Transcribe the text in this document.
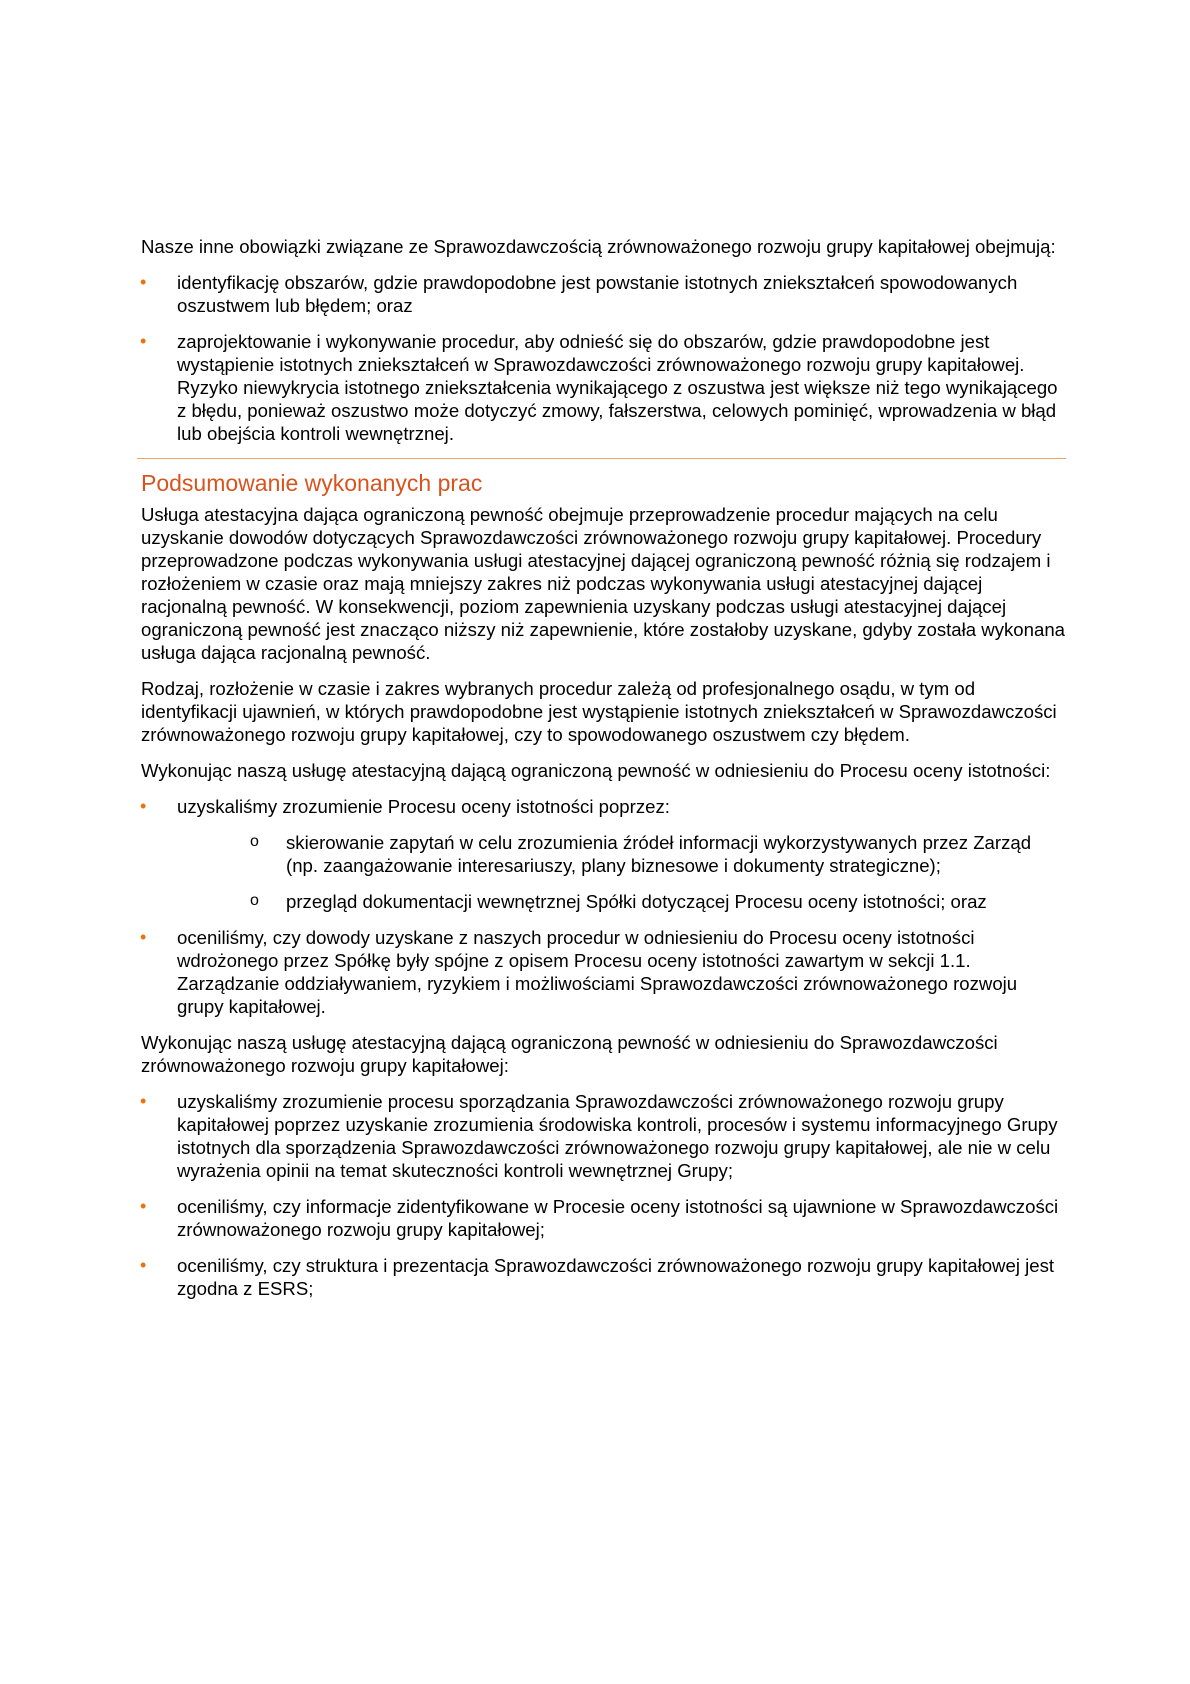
Nasze inne obowiązki związane ze Sprawozdawczością zrównoważonego rozwoju grupy kapitałowej obejmują:

• identyfikację obszarów, gdzie prawdopodobne jest powstanie istotnych zniekształceń spowodowanych oszustwem lub błędem; oraz
• zaprojektowanie i wykonywanie procedur, aby odnieść się do obszarów, gdzie prawdopodobne jest wystąpienie istotnych zniekształceń w Sprawozdawczości zrównoważonego rozwoju grupy kapitałowej. Ryzyko niewykrycia istotnego zniekształcenia wynikającego z oszustwa jest większe niż tego wynikającego z błędu, ponieważ oszustwo może dotyczyć zmowy, fałszerstwa, celowych pominięć, wprowadzenia w błąd lub obejścia kontroli wewnętrznej.
Podsumowanie wykonanych prac

Usługa atestacyjna dająca ograniczoną pewność obejmuje przeprowadzenie procedur mających na celu uzyskanie dowodów dotyczących Sprawozdawczości zrównoważonego rozwoju grupy kapitałowej. Procedury przeprowadzone podczas wykonywania usługi atestacyjnej dającej ograniczoną pewność różnią się rodzajem i rozłożeniem w czasie oraz mają mniejszy zakres niż podczas wykonywania usługi atestacyjnej dającej racjonalną pewność. W konsekwencji, poziom zapewnienia uzyskany podczas usługi atestacyjnej dającej ograniczoną pewność jest znacząco niższy niż zapewnienie, które zostałoby uzyskane, gdyby została wykonana usługa dająca racjonalną pewność.

Rodzaj, rozłożenie w czasie i zakres wybranych procedur zależą od profesjonalnego osądu, w tym od identyfikacji ujawnień, w których prawdopodobne jest wystąpienie istotnych zniekształceń w Sprawozdawczości zrównoważonego rozwoju grupy kapitałowej, czy to spowodowanego oszustwem czy błędem.

Wykonując naszą usługę atestacyjną dającą ograniczoną pewność w odniesieniu do Procesu oceny istotności:

• uzyskaliśmy zrozumienie Procesu oceny istotności poprzez:
o skierowanie zapytań w celu zrozumienia źródeł informacji wykorzystywanych przez Zarząd (np. zaangażowanie interesariuszy, plany biznesowe i dokumenty strategiczne);
o przegląd dokumentacji wewnętrznej Spółki dotyczącej Procesu oceny istotności; oraz
• oceniliśmy, czy dowody uzyskane z naszych procedur w odniesieniu do Procesu oceny istotności wdrożonego przez Spółkę były spójne z opisem Procesu oceny istotności zawartym w sekcji 1.1. Zarządzanie oddziaływaniem, ryzykiem i możliwościami Sprawozdawczości zrównoważonego rozwoju grupy kapitałowej.

Wykonując naszą usługę atestacyjną dającą ograniczoną pewność w odniesieniu do Sprawozdawczości zrównoważonego rozwoju grupy kapitałowej:

• uzyskaliśmy zrozumienie procesu sporządzania Sprawozdawczości zrównoważonego rozwoju grupy kapitałowej poprzez uzyskanie zrozumienia środowiska kontroli, procesów i systemu informacyjnego Grupy istotnych dla sporządzenia Sprawozdawczości zrównoważonego rozwoju grupy kapitałowej, ale nie w celu wyrażenia opinii na temat skuteczności kontroli wewnętrznej Grupy;
• oceniliśmy, czy informacje zidentyfikowane w Procesie oceny istotności są ujawnione w Sprawozdawczości zrównoważonego rozwoju grupy kapitałowej;
• oceniliśmy, czy struktura i prezentacja Sprawozdawczości zrównoważonego rozwoju grupy kapitałowej jest zgodna z ESRS;
